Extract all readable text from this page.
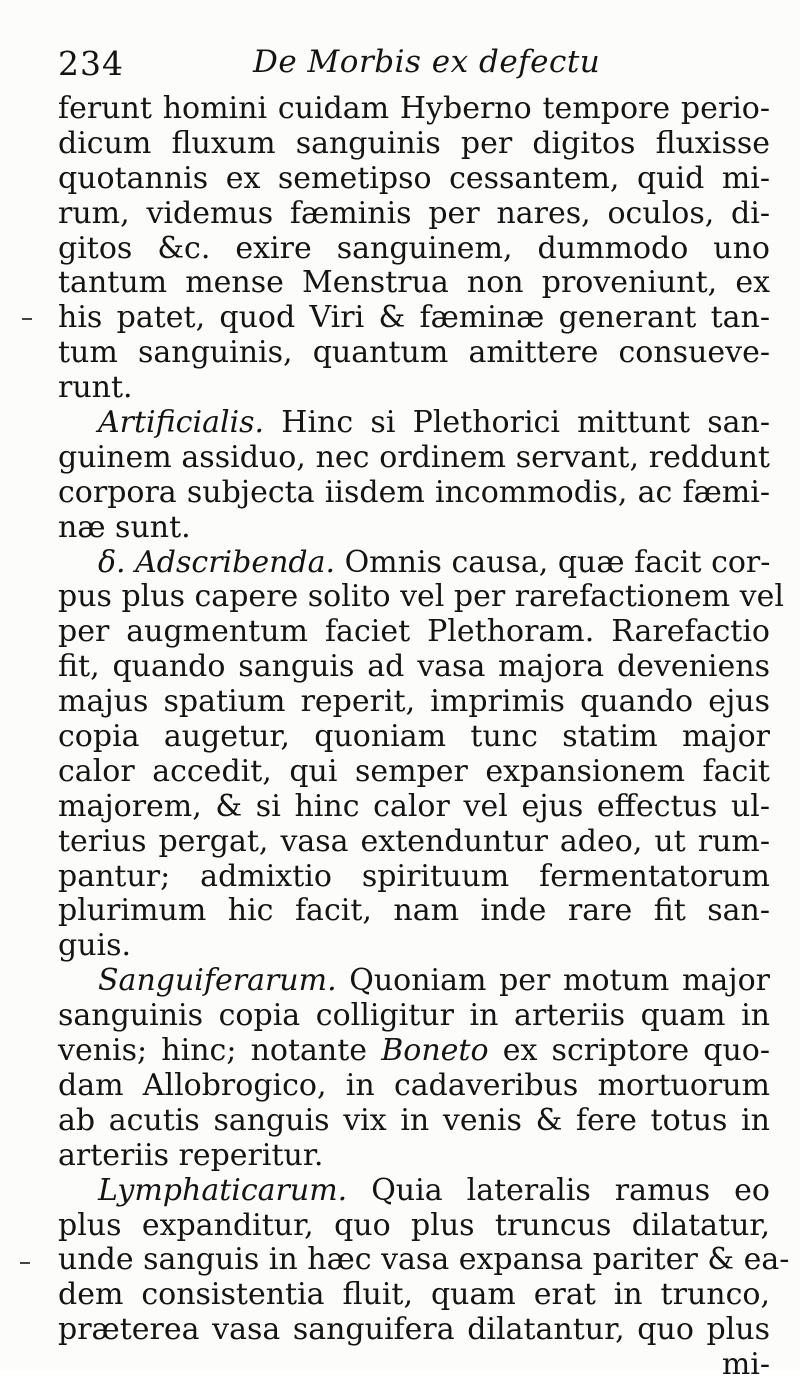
234	De Morbis ex defectu
ferunt homini cuidam Hyberno tempore perio-
dicum fluxum sanguinis per digitos fluxisse
quotannis ex semetipso cessantem, quid mi-
rum, videmus fæminis per nares, oculos, di-
gitos &c. exire sanguinem, dummodo uno
tantum mense Menstrua non proveniunt, ex
his patet, quod Viri & fæminæ generant tan-
tum sanguinis, quantum amittere consueve-
runt.
Artificialis. Hinc si Plethorici mittunt san-
guinem assiduo, nec ordinem servant, reddunt
corpora subjecta iisdem incommodis, ac fæmi-
næ sunt.
δ. Adscribenda. Omnis causa, quæ facit cor-
pus plus capere solito vel per rarefactionem vel
per augmentum faciet Plethoram. Rarefactio
fit, quando sanguis ad vasa majora deveniens
majus spatium reperit, imprimis quando ejus
copia augetur, quoniam tunc statim major
calor accedit, qui semper expansionem facit
majorem, & si hinc calor vel ejus effectus ul-
terius pergat, vasa extenduntur adeo, ut rum-
pantur; admixtio spirituum fermentatorum
plurimum hic facit, nam inde rare fit san-
guis.
Sanguiferarum. Quoniam per motum major
sanguinis copia colligitur in arteriis quam in
venis; hinc; notante Boneto ex scriptore quo-
dam Allobrogico, in cadaveribus mortuorum
ab acutis sanguis vix in venis & fere totus in
arteriis reperitur.
Lymphaticarum. Quia lateralis ramus eo
plus expanditur, quo plus truncus dilatatur,
unde sanguis in hæc vasa expansa pariter & ea-
dem consistentia fluit, quam erat in trunco,
præterea vasa sanguifera dilatantur, quo plus
mi-
